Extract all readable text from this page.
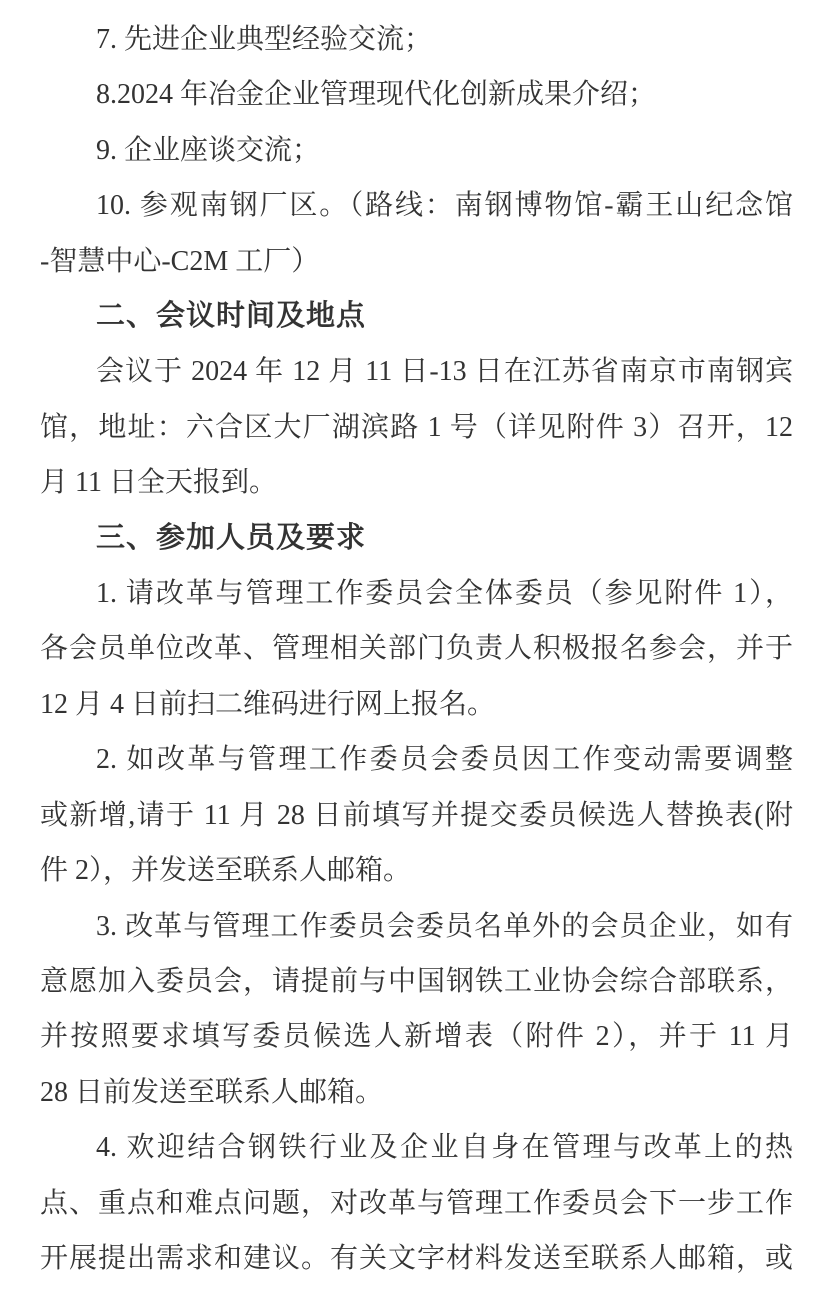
7. 先进企业典型经验交流；
8.2024 年冶金企业管理现代化创新成果介绍；
9. 企业座谈交流；
10. 参观南钢厂区。（路线：南钢博物馆-霸王山纪念馆
-智慧中心-C2M 工厂）
二、会议时间及地点
会议于 2024 年 12 月 11 日-13 日在江苏省南京市南钢宾
馆，地址：六合区大厂湖滨路 1 号（详见附件 3）召开，12
月 11 日全天报到。
三、参加人员及要求
1. 请改革与管理工作委员会全体委员（参见附件 1），
各会员单位改革、管理相关部门负责人积极报名参会，并于
12 月 4 日前扫二维码进行网上报名。
2. 如改革与管理工作委员会委员因工作变动需要调整
或新增,请于 11 月 28 日前填写并提交委员候选人替换表(附
件 2），并发送至联系人邮箱。
3. 改革与管理工作委员会委员名单外的会员企业，如有
意愿加入委员会，请提前与中国钢铁工业协会综合部联系，
并按照要求填写委员候选人新增表（附件 2），并于 11 月
28 日前发送至联系人邮箱。
4. 欢迎结合钢铁行业及企业自身在管理与改革上的热
点、重点和难点问题，对改革与管理工作委员会下一步工作
开展提出需求和建议。有关文字材料发送至联系人邮箱，或
